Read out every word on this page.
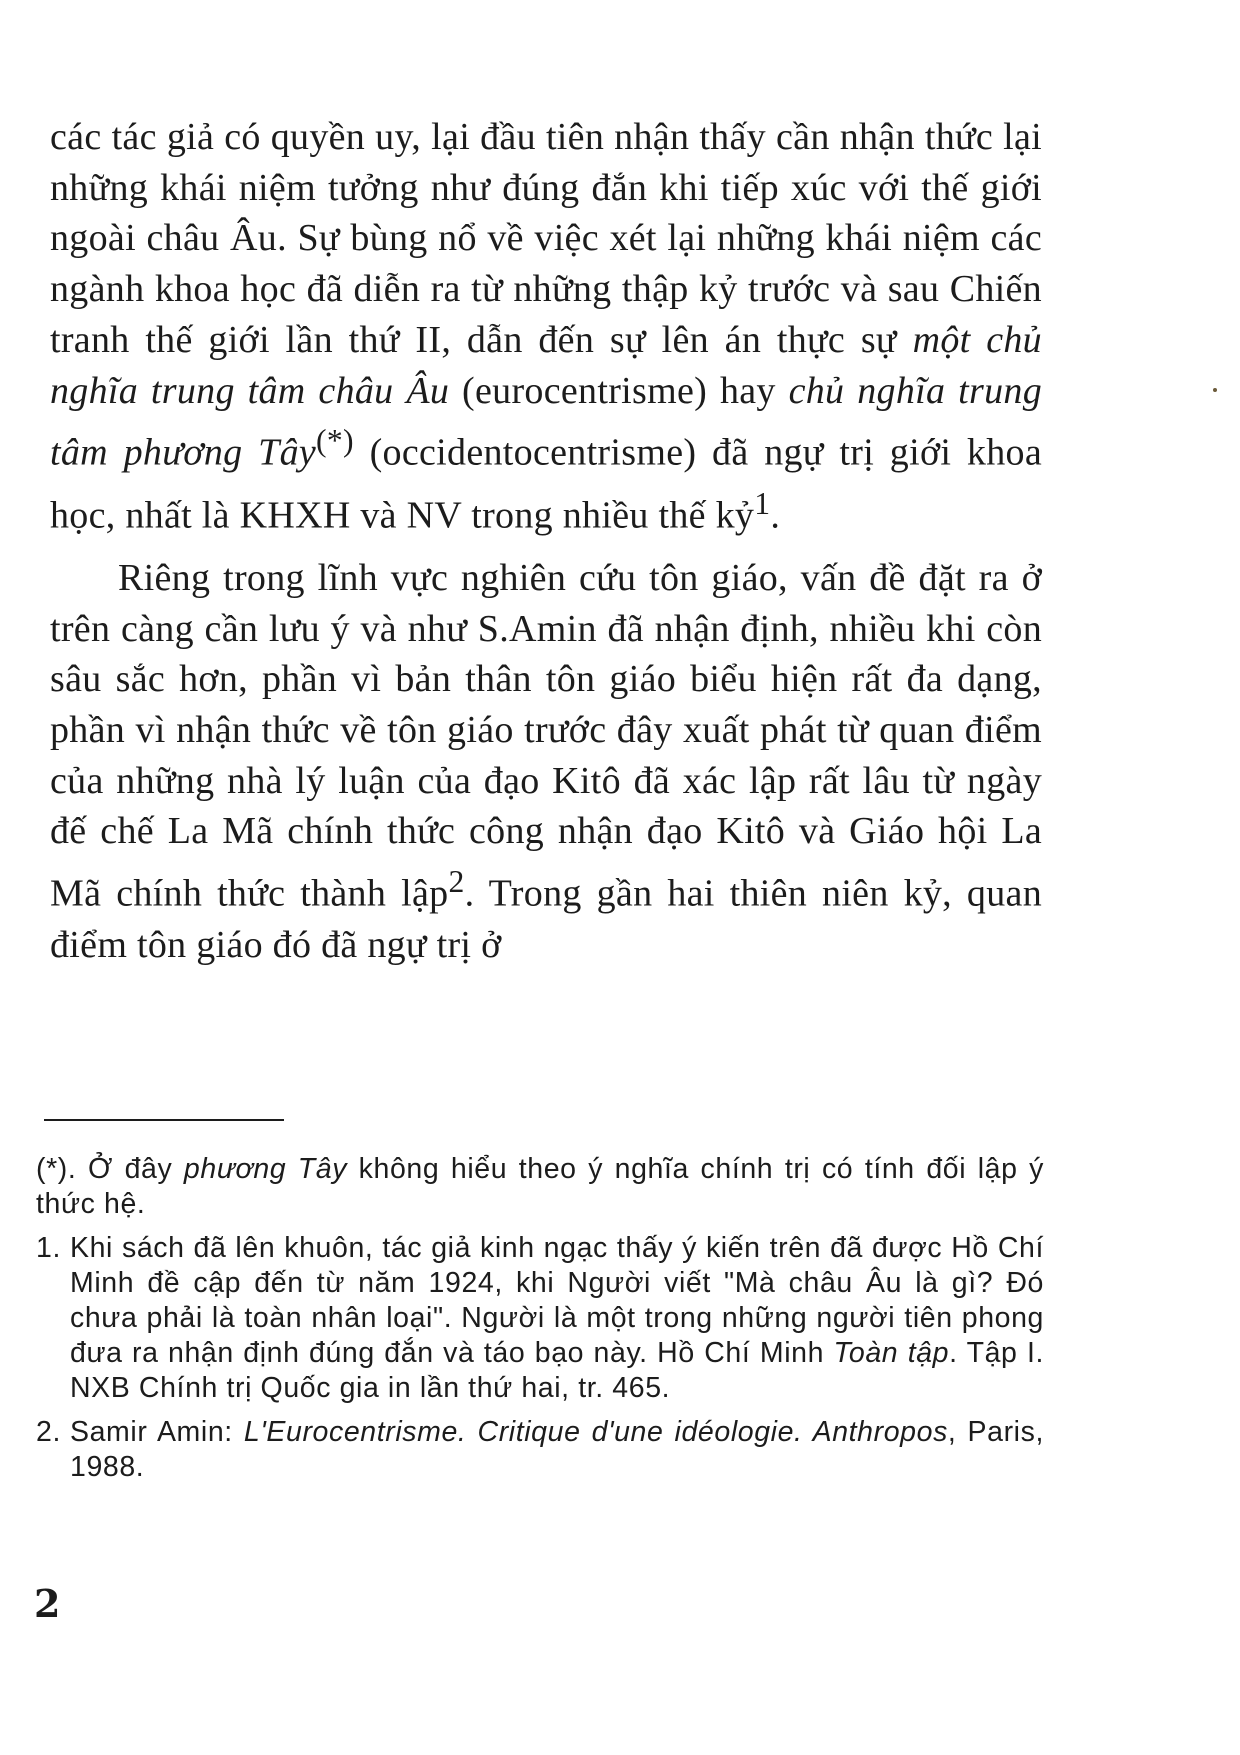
các tác giả có quyền uy, lại đầu tiên nhận thấy cần nhận thức lại những khái niệm tưởng như đúng đắn khi tiếp xúc với thế giới ngoài châu Âu. Sự bùng nổ về việc xét lại những khái niệm các ngành khoa học đã diễn ra từ những thập kỷ trước và sau Chiến tranh thế giới lần thứ II, dẫn đến sự lên án thực sự một chủ nghĩa trung tâm châu Âu (eurocentrisme) hay chủ nghĩa trung tâm phương Tây(*) (occidentocentrisme) đã ngự trị giới khoa học, nhất là KHXH và NV trong nhiều thế kỷ$^1$.

Riêng trong lĩnh vực nghiên cứu tôn giáo, vấn đề đặt ra ở trên càng cần lưu ý và như S.Amin đã nhận định, nhiều khi còn sâu sắc hơn, phần vì bản thân tôn giáo biểu hiện rất đa dạng, phần vì nhận thức về tôn giáo trước đây xuất phát từ quan điểm của những nhà lý luận của đạo Kitô đã xác lập rất lâu từ ngày đế chế La Mã chính thức công nhận đạo Kitô và Giáo hội La Mã chính thức thành lập$^2$. Trong gần hai thiên niên kỷ, quan điểm tôn giáo đó đã ngự trị ở

(*). Ở đây phương Tây không hiểu theo ý nghĩa chính trị có tính đối lập ý thức hệ.
1. Khi sách đã lên khuôn, tác giả kinh ngạc thấy ý kiến trên đã được Hồ Chí Minh đề cập đến từ năm 1924, khi Người viết "Mà châu Âu là gì? Đó chưa phải là toàn nhân loại". Người là một trong những người tiên phong đưa ra nhận định đúng đắn và táo bạo này. Hồ Chí Minh Toàn tập. Tập I. NXB Chính trị Quốc gia in lần thứ hai, tr. 465.
2. Samir Amin: L'Eurocentrisme. Critique d'une idéologie. Anthropos, Paris, 1988.
2
